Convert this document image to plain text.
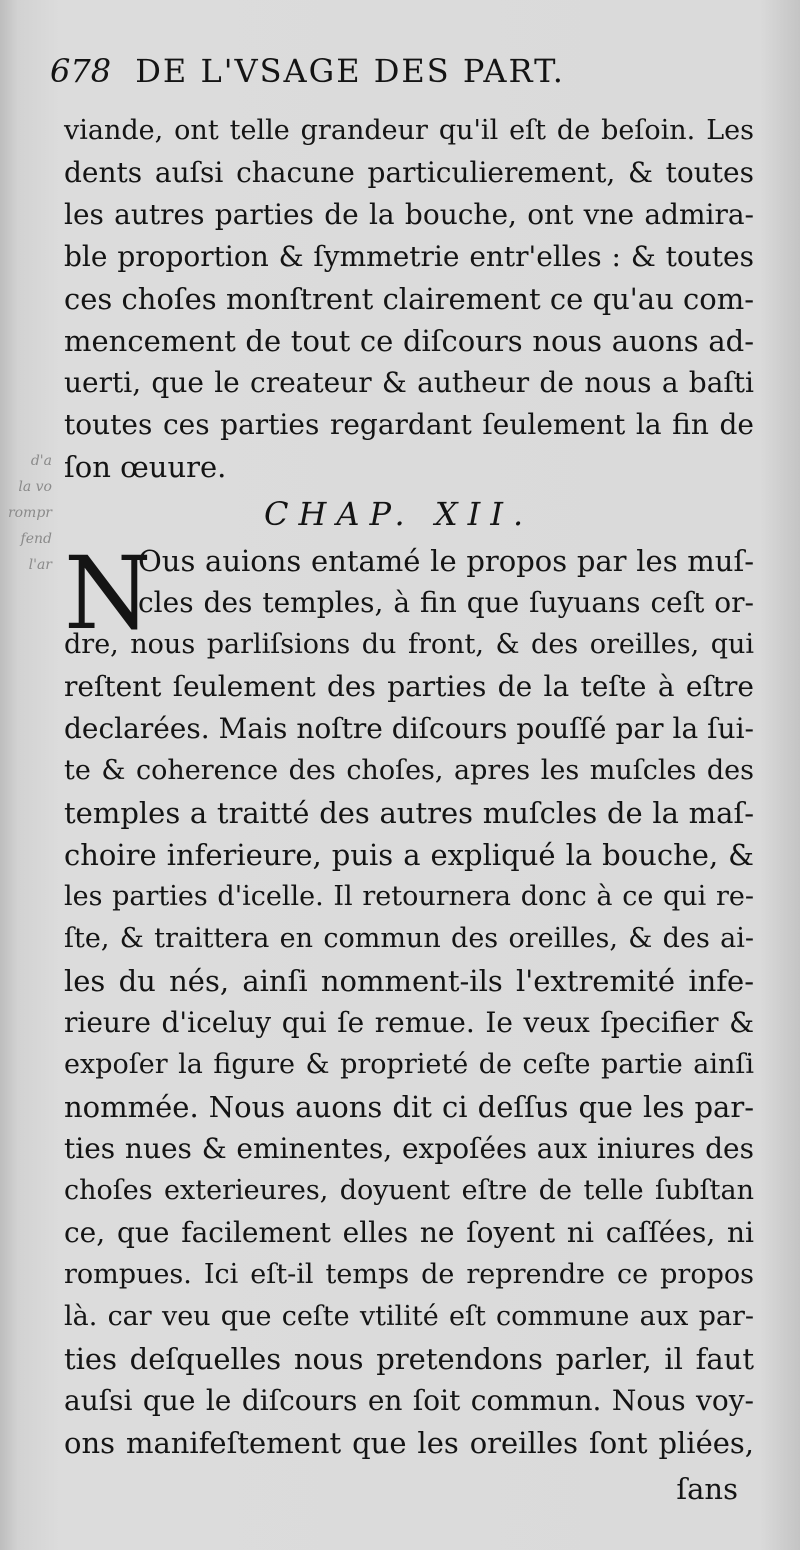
d'a
la vo
rompr
fend
l'ar
678 DE L'VSAGE DES PART.
viande, ont telle grandeur qu'il eſt de beſoin. Les
dents auſsi chacune particulierement, & toutes
les autres parties de la bouche, ont vne admira-
ble proportion & ſymmetrie entr'elles : & toutes
ces choſes monſtrent clairement ce qu'au com-
mencement de tout ce diſcours nous auons ad-
uerti, que le createur & autheur de nous a baſti
toutes ces parties regardant ſeulement la fin de
ſon œuure.
CHAP. XII.
N
Ous auions entamé le propos par les muſ-
cles des temples, à fin que ſuyuans ceſt or-
dre, nous parliſsions du front, & des oreilles, qui
reſtent ſeulement des parties de la teſte à eſtre
declarées. Mais noſtre diſcours pouſſé par la ſui-
te & coherence des choſes, apres les muſcles des
temples a traitté des autres muſcles de la maſ-
choire inferieure, puis a expliqué la bouche, &
les parties d'icelle. Il retournera donc à ce qui re-
ſte, & traittera en commun des oreilles, & des ai-
les du nés, ainſi nomment-ils l'extremité infe-
rieure d'iceluy qui ſe remue. Ie veux ſpecifier &
expoſer la figure & proprieté de ceſte partie ainſi
nommée. Nous auons dit ci deſſus que les par-
ties nues & eminentes, expoſées aux iniures des
choſes exterieures, doyuent eſtre de telle ſubſtan
ce, que facilement elles ne ſoyent ni caſſées, ni
rompues. Ici eſt-il temps de reprendre ce propos
là. car veu que ceſte vtilité eſt commune aux par-
ties deſquelles nous pretendons parler, il faut
auſsi que le diſcours en ſoit commun. Nous voy-
ons manifeſtement que les oreilles ſont pliées,
ſans
